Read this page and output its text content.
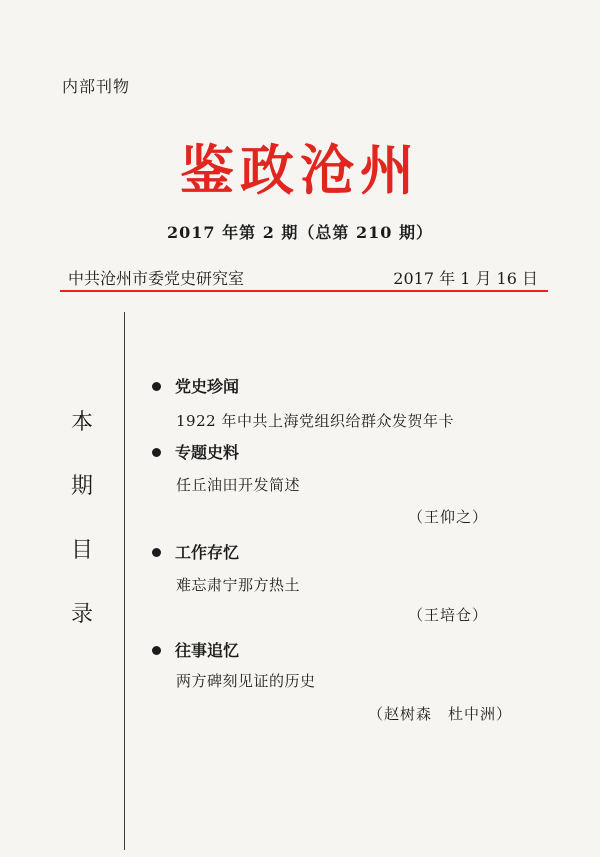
内部刊物
鉴政沧州
2017 年第 2 期（总第 210 期）
中共沧州市委党史研究室	2017 年 1 月 16 日
本
期
目
录
党史珍闻
1922 年中共上海党组织给群众发贺年卡
专题史料
任丘油田开发简述
（王仰之）
工作存忆
难忘肃宁那方热土
（王培仓）
往事追忆
两方碑刻见证的历史
（赵树森　杜中洲）
